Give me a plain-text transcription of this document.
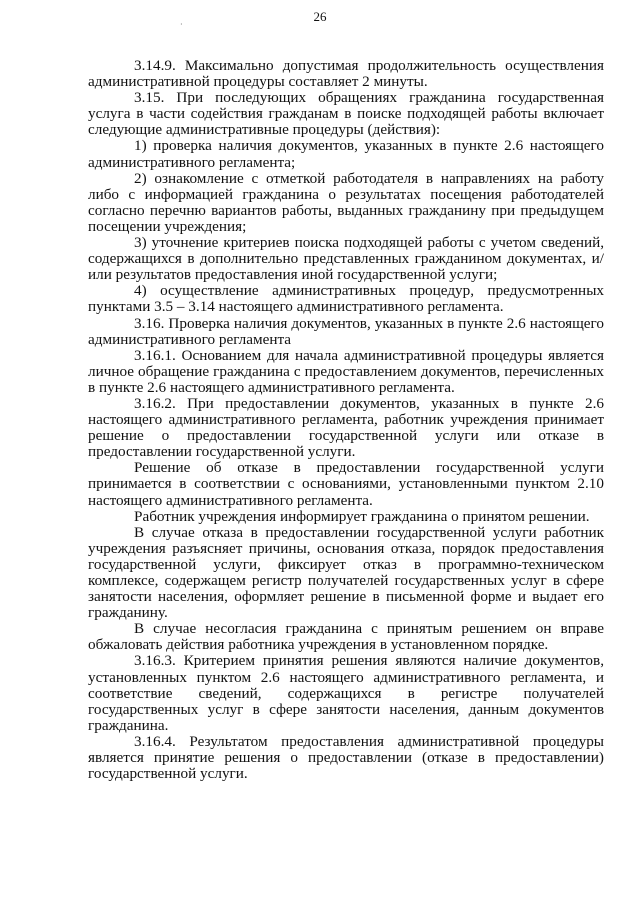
26
·

3.14.9. Максимально допустимая продолжительность осуществления административной процедуры составляет 2 минуты.

3.15. При последующих обращениях гражданина государственная услуга в части содействия гражданам в поиске подходящей работы включает следующие административные процедуры (действия):

1) проверка наличия документов, указанных в пункте 2.6 настоящего административного регламента;

2) ознакомление с отметкой работодателя в направлениях на работу либо с информацией гражданина о результатах посещения работодателей согласно перечню вариантов работы, выданных гражданину при предыдущем посещении учреждения;

3) уточнение критериев поиска подходящей работы с учетом сведений, содержащихся в дополнительно представленных гражданином документах, и/или результатов предоставления иной государственной услуги;

4) осуществление административных процедур, предусмотренных пунктами 3.5 – 3.14 настоящего административного регламента.

3.16. Проверка наличия документов, указанных в пункте 2.6 настоящего административного регламента

3.16.1. Основанием для начала административной процедуры является личное обращение гражданина с предоставлением документов, перечисленных в пункте 2.6 настоящего административного регламента.

3.16.2. При предоставлении документов, указанных в пункте 2.6 настоящего административного регламента, работник учреждения принимает решение о предоставлении государственной услуги или отказе в предоставлении государственной услуги.

Решение об отказе в предоставлении государственной услуги принимается в соответствии с основаниями, установленными пунктом 2.10 настоящего административного регламента.

Работник учреждения информирует гражданина о принятом решении.

В случае отказа в предоставлении государственной услуги работник учреждения разъясняет причины, основания отказа, порядок предоставления государственной услуги, фиксирует отказ в программно-техническом комплексе, содержащем регистр получателей государственных услуг в сфере занятости населения, оформляет решение в письменной форме и выдает его гражданину.

В случае несогласия гражданина с принятым решением он вправе обжаловать действия работника учреждения в установленном порядке.

3.16.3. Критерием принятия решения являются наличие документов, установленных пунктом 2.6 настоящего административного регламента, и соответствие сведений, содержащихся в регистре получателей государственных услуг в сфере занятости населения, данным документов гражданина.

3.16.4. Результатом предоставления административной процедуры является принятие решения о предоставлении (отказе в предоставлении) государственной услуги.
